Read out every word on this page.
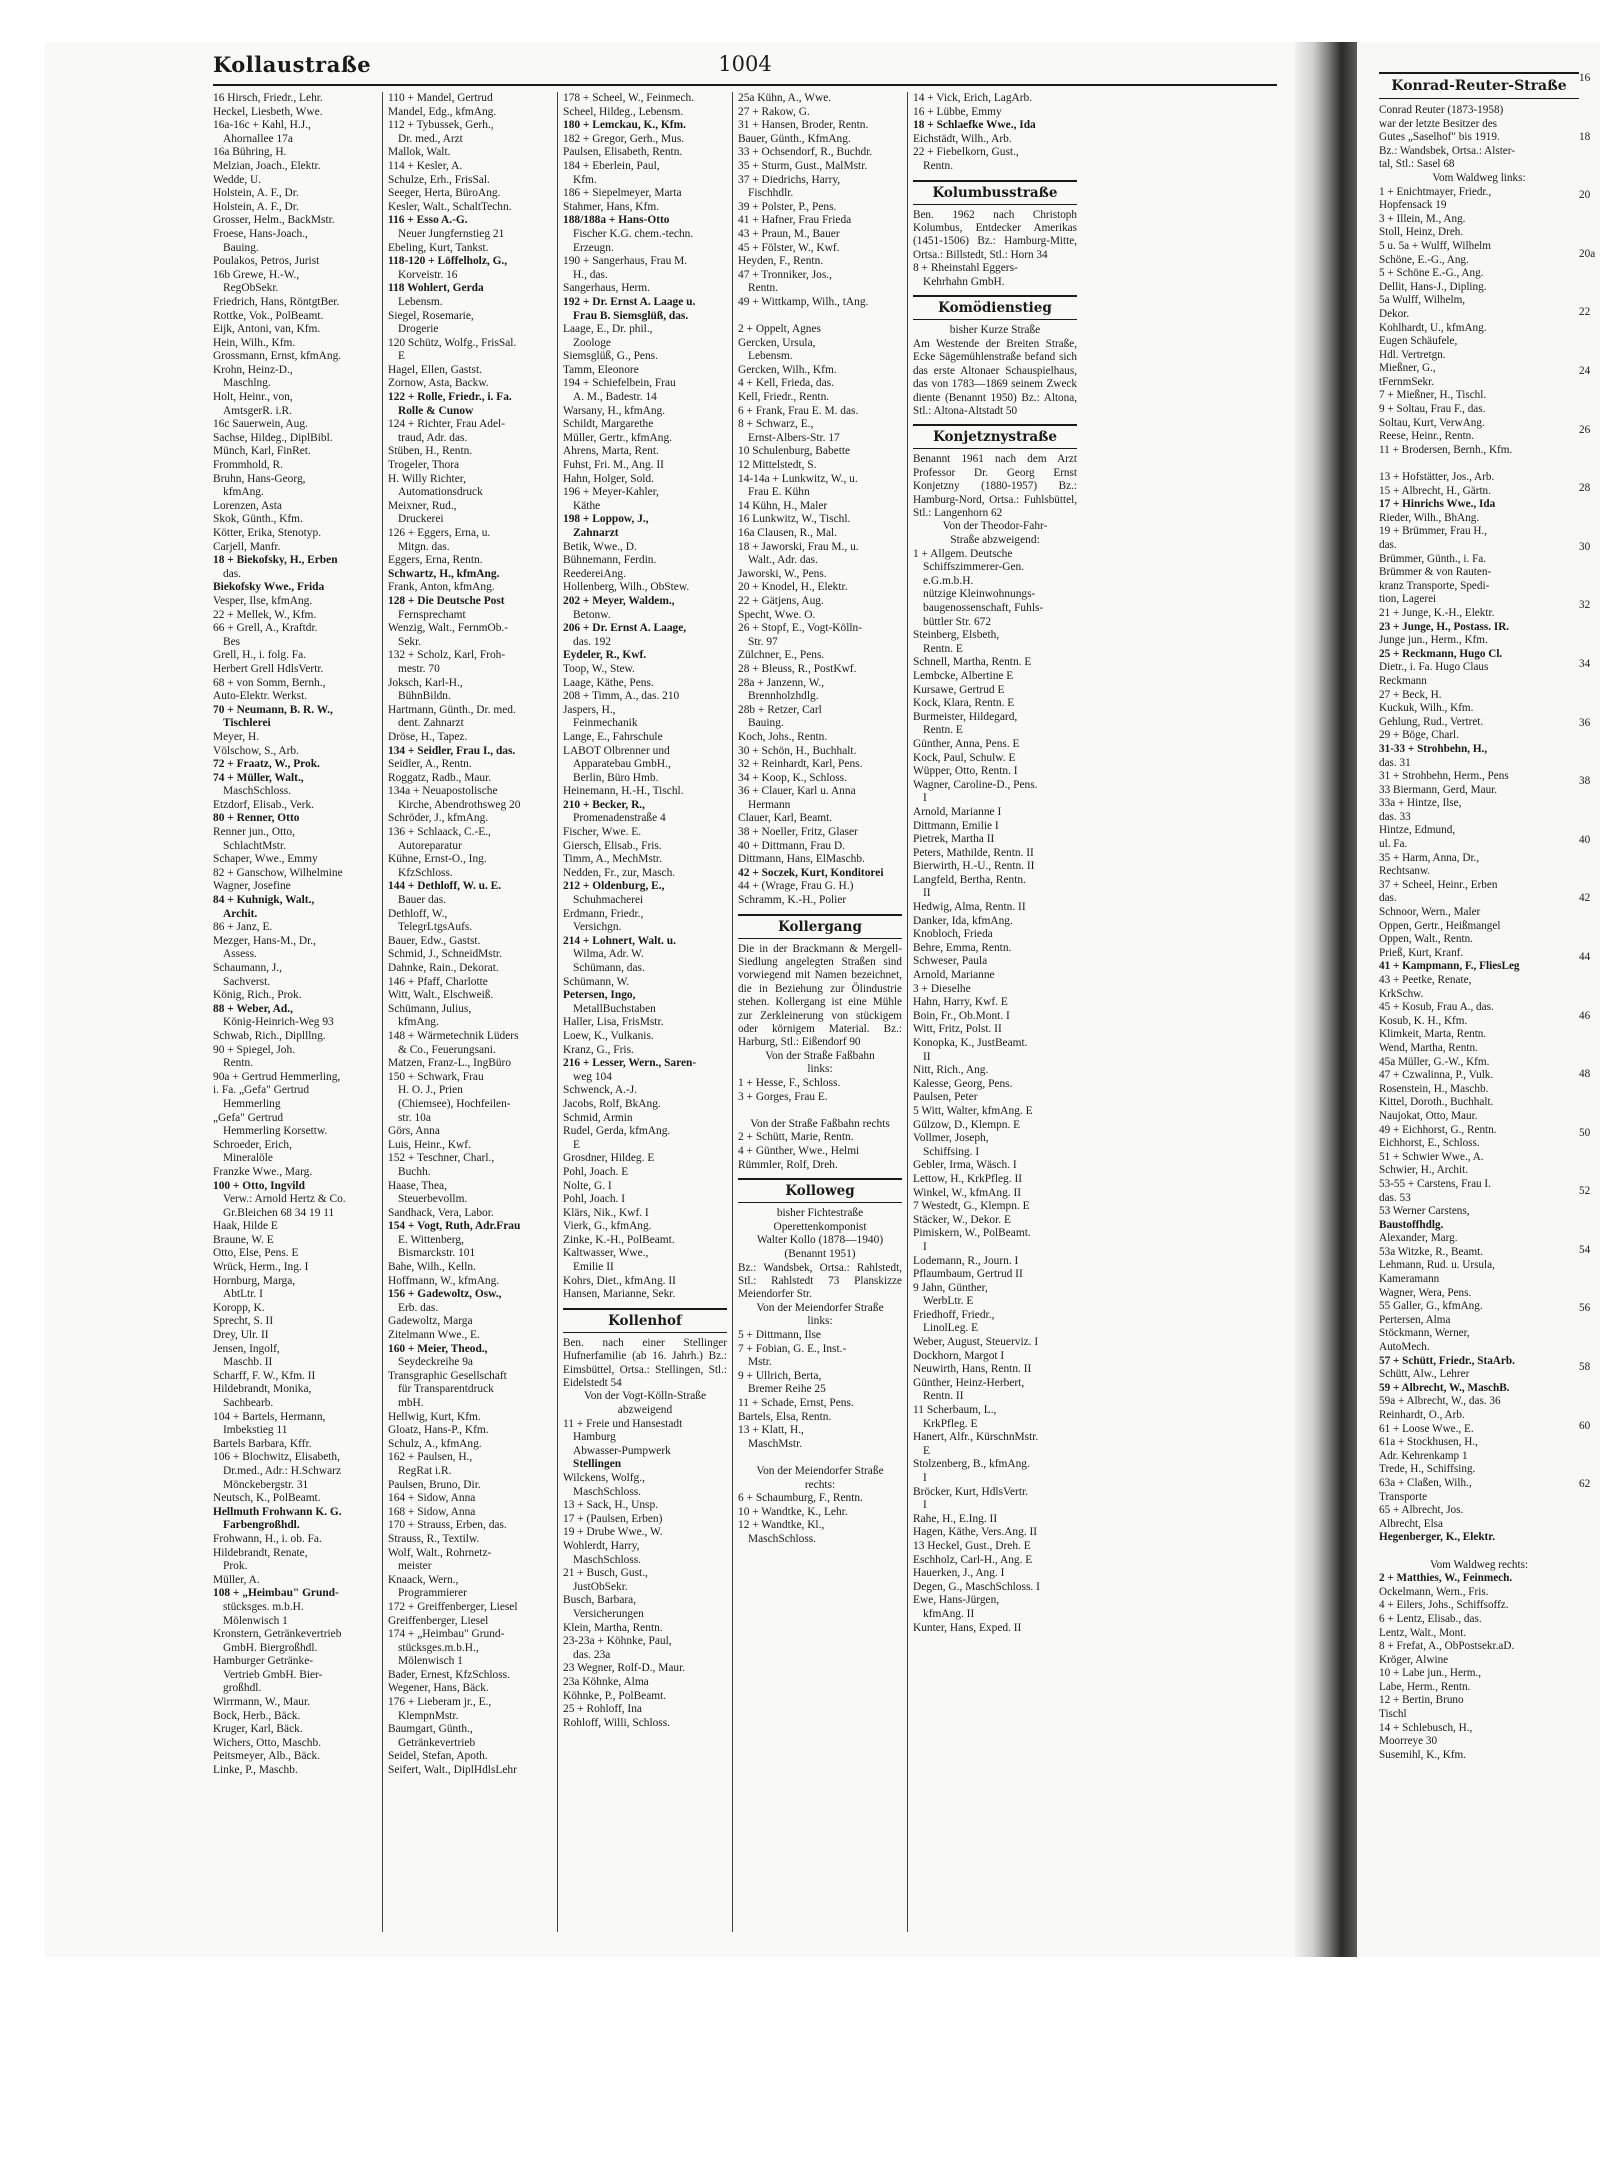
Kollaustraße	1004
16 Hirsch, Friedr., Lehr.
Heckel, Liesbeth, Wwe.
16a-16c + Kahl, H.J.,
Ahornallee 17a
16a Bühring, H.
Melzian, Joach., Elektr.
Wedde, U.
Holstein, A. F., Dr.
Holstein, A. F., Dr.
Grosser, Helm., BackMstr.
Froese, Hans-Joach.,
Bauing.
Poulakos, Petros, Jurist
16b Grewe, H.-W.,
RegObSekr.
Friedrich, Hans, RöntgtBer.
Rottke, Vok., PolBeamt.
Eijk, Antoni, van, Kfm.
Hein, Wilh., Kfm.
Grossmann, Ernst, kfmAng.
Krohn, Heinz-D.,
Maschlng.
Holt, Heinr., von,
AmtsgerR. i.R.
16c Sauerwein, Aug.
Sachse, Hildeg., DiplBibl.
Münch, Karl, FinRet.
Frommhold, R.
Bruhn, Hans-Georg,
kfmAng.
Lorenzen, Asta
Skok, Günth., Kfm.
Kötter, Erika, Stenotyp.
Carjell, Manfr.
18 + Biekofsky, H., Erben
das.
Biekofsky Wwe., Frida
Vesper, Ilse, kfmAng.
22 + Mellek, W., Kfm.
66 + Grell, A., Kraftdr.
Bes
Grell, H., i. folg. Fa.
Herbert Grell HdlsVertr.
68 + von Somm, Bernh.,
Auto-Elektr. Werkst.
70 + Neumann, B. R. W.,
Tischlerei
Meyer, H.
Völschow, S., Arb.
72 + Fraatz, W., Prok.
74 + Müller, Walt.,
MaschSchloss.
Etzdorf, Elisab., Verk.
80 + Renner, Otto
Renner jun., Otto,
SchlachtMstr.
Schaper, Wwe., Emmy
82 + Ganschow, Wilhelmine
Wagner, Josefine
84 + Kuhnigk, Walt.,
Archit.
86 + Janz, E.
Mezger, Hans-M., Dr.,
Assess.
Schaumann, J.,
Sachverst.
König, Rich., Prok.
88 + Weber, Ad.,
König-Heinrich-Weg 93
Schwab, Rich., Diplllng.
90 + Spiegel, Joh.
Rentn.
90a + Gertrud Hemmerling,
i. Fa. „Gefa" Gertrud
Hemmerling
„Gefa" Gertrud
Hemmerling Korsettw.
Schroeder, Erich,
Mineralöle
Franzke Wwe., Marg.
100 + Otto, Ingvild
Verw.: Arnold Hertz & Co.
Gr.Bleichen 68 34 19 11
Haak, Hilde E
Braune, W. E
Otto, Else, Pens. E
Wrück, Herm., Ing. I
Hornburg, Marga,
AbtLtr. I
Koropp, K.
Sprecht, S. II
Drey, Ulr. II
Jensen, Ingolf,
Maschb. II
Scharff, F. W., Kfm. II
Hildebrandt, Monika,
Sachbearb.
104 + Bartels, Hermann,
Imbekstieg 11
Bartels Barbara, Kffr.
106 + Blochwitz, Elisabeth,
Dr.med., Adr.: H.Schwarz
Mönckebergstr. 31
Neutsch, K., PolBeamt.
Hellmuth Frohwann K. G.
Farbengroßhdl.
Frohwann, H., i. ob. Fa.
Hildebrandt, Renate,
Prok.
Müller, A.
108 + „Heimbau" Grund-
stücksges. m.b.H.
Mölenwisch 1
Kronstern, Getränkevertrieb
GmbH. Biergroßhdl.
Hamburger Getränke-
Vertrieb GmbH. Bier-
großhdl.
Wirrmann, W., Maur.
Bock, Herb., Bäck.
Kruger, Karl, Bäck.
Wichers, Otto, Maschb.
Peitsmeyer, Alb., Bäck.
Linke, P., Maschb.
110 + Mandel, Gertrud
Mandel, Edg., kfmAng.
112 + Tybussek, Gerh.,
Dr. med., Arzt
Mallok, Walt.
114 + Kesler, A.
Schulze, Erh., FrisSal.
Seeger, Herta, BüroAng.
Kesler, Walt., SchaltTechn.
116 + Esso A.-G.
Neuer Jungfernstieg 21
Ebeling, Kurt, Tankst.
118-120 + Löffelholz, G.,
Korveistr. 16
118 Wohlert, Gerda
Lebensm.
Siegel, Rosemarie,
Drogerie
120 Schütz, Wolfg., FrisSal.
E
Hagel, Ellen, Gastst.
Zornow, Asta, Backw.
122 + Rolle, Friedr., i. Fa.
Rolle & Cunow
124 + Richter, Frau Adel-
traud, Adr. das.
Stüben, H., Rentn.
Trogeler, Thora
H. Willy Richter,
Automationsdruck
Meixner, Rud.,
Druckerei
126 + Eggers, Erna, u.
Mitgn. das.
Eggers, Erna, Rentn.
Schwartz, H., kfmAng.
Frank, Anton, kfmAng.
128 + Die Deutsche Post
Fernsprechamt
Wenzig, Walt., FernmOb.-
Sekr.
132 + Scholz, Karl, Froh-
mestr. 70
Joksch, Karl-H.,
BühnBildn.
Hartmann, Günth., Dr. med.
dent. Zahnarzt
Dröse, H., Tapez.
134 + Seidler, Frau I., das.
Seidler, A., Rentn.
Roggatz, Radb., Maur.
134a + Neuapostolische
Kirche, Abendrothsweg 20
Schröder, J., kfmAng.
136 + Schlaack, C.-E.,
Autoreparatur
Kühne, Ernst-O., Ing.
KfzSchloss.
144 + Dethloff, W. u. E.
Bauer das.
Dethloff, W.,
TelegrLtgsAufs.
Bauer, Edw., Gastst.
Schmid, J., SchneidMstr.
Dahnke, Rain., Dekorat.
146 + Pfaff, Charlotte
Witt, Walt., Elschweiß.
Schümann, Julius,
kfmAng.
148 + Wärmetechnik Lüders
& Co., Feuerungsani.
Matzen, Franz-L., IngBüro
150 + Schwark, Frau
H. O. J., Prien
(Chiemsee), Hochfeilen-
str. 10a
Görs, Anna
Luis, Heinr., Kwf.
152 + Teschner, Charl.,
Buchh.
Haase, Thea,
Steuerbevollm.
Sandhack, Vera, Labor.
154 + Vogt, Ruth, Adr.Frau
E. Wittenberg,
Bismarckstr. 101
Bahe, Wilh., Kelln.
Hoffmann, W., kfmAng.
156 + Gadewoltz, Osw.,
Erb. das.
Gadewoltz, Marga
Zitelmann Wwe., E.
160 + Meier, Theod.,
Seydeckreihe 9a
Transgraphic Gesellschaft
für Transparentdruck
mbH.
Hellwig, Kurt, Kfm.
Gloatz, Hans-P., Kfm.
Schulz, A., kfmAng.
162 + Paulsen, H.,
RegRat i.R.
Paulsen, Bruno, Dir.
164 + Sidow, Anna
168 + Sidow, Anna
170 + Strauss, Erben, das.
Strauss, R., Textilw.
Wolf, Walt., Rohrnetz-
meister
Knaack, Wern.,
Programmierer
172 + Greiffenberger, Liesel
Greiffenberger, Liesel
174 + „Heimbau" Grund-
stücksges.m.b.H.,
Mölenwisch 1
Bader, Ernest, KfzSchloss.
Wegener, Hans, Bäck.
176 + Lieberam jr., E.,
KlempnMstr.
Baumgart, Günth.,
Getränkevertrieb
Seidel, Stefan, Apoth.
Seifert, Walt., DiplHdlsLehr
178 + Scheel, W., Feinmech.
Scheel, Hildeg., Lebensm.
180 + Lemckau, K., Kfm.
182 + Gregor, Gerh., Mus.
Paulsen, Elisabeth, Rentn.
184 + Eberlein, Paul,
Kfm.
186 + Siepelmeyer, Marta
Stahmer, Hans, Kfm.
188/188a + Hans-Otto
Fischer K.G. chem.-techn.
Erzeugn.
190 + Sangerhaus, Frau M.
H., das.
Sangerhaus, Herm.
192 + Dr. Ernst A. Laage u.
Frau B. Siemsglüß, das.
Laage, E., Dr. phil.,
Zoologe
Siemsglüß, G., Pens.
Tamm, Eleonore
194 + Schiefelbein, Frau
A. M., Badestr. 14
Warsany, H., kfmAng.
Schildt, Margarethe
Müller, Gertr., kfmAng.
Ahrens, Marta, Rent.
Fuhst, Fri. M., Ang. II
Hahn, Holger, Sold.
196 + Meyer-Kahler,
Käthe
198 + Loppow, J.,
Zahnarzt
Betik, Wwe., D.
Bühnemann, Ferdin.
ReedereiAng.
Hollenberg, Wilh., ObStew.
202 + Meyer, Waldem.,
Betonw.
206 + Dr. Ernst A. Laage,
das. 192
Eydeler, R., Kwf.
Toop, W., Stew.
Laage, Käthe, Pens.
208 + Timm, A., das. 210
Jaspers, H.,
Feinmechanik
Lange, E., Fahrschule
LABOT Olbrenner und
Apparatebau GmbH.,
Berlin, Büro Hmb.
Heinemann, H.-H., Tischl.
210 + Becker, R.,
Promenadenstraße 4
Fischer, Wwe. E.
Giersch, Elisab., Fris.
Timm, A., MechMstr.
Nedden, Fr., zur, Masch.
212 + Oldenburg, E.,
Schuhmacherei
Erdmann, Friedr.,
Versichgn.
214 + Lohnert, Walt. u.
Wilma, Adr. W.
Schümann, das.
Schümann, W.
Petersen, Ingo,
MetallBuchstaben
Haller, Lisa, FrisMstr.
Loew, K., Vulkanis.
Kranz, G., Fris.
216 + Lesser, Wern., Saren-
weg 104
Schwenck, A.-J.
Jacobs, Rolf, BkAng.
Schmid, Armin
Rudel, Gerda, kfmAng.
E
Grosdner, Hildeg. E
Pohl, Joach. E
Nolte, G. I
Pohl, Joach. I
Klärs, Nik., Kwf. I
Vierk, G., kfmAng.
Zinke, K.-H., PolBeamt.
Kaltwasser, Wwe.,
Emilie II
Kohrs, Diet., kfmAng. II
Hansen, Marianne, Sekr.
Kollenhof
Ben. nach einer Stellinger Hufnerfamilie (ab 16. Jahrh.) Bz.: Eimsbüttel, Ortsa.: Stellingen, Stl.: Eidelstedt 54
Von der Vogt-Kölln-Straße
abzweigend
11 + Freie und Hansestadt
Hamburg
Abwasser-Pumpwerk
Stellingen
Wilckens, Wolfg.,
MaschSchloss.
13 + Sack, H., Unsp.
17 + (Paulsen, Erben)
19 + Drube Wwe., W.
Wohlerdt, Harry,
MaschSchloss.
21 + Busch, Gust.,
JustObSekr.
Busch, Barbara,
Versicherungen
Klein, Martha, Rentn.
23-23a + Köhnke, Paul,
das. 23a
23 Wegner, Rolf-D., Maur.
23a Köhnke, Alma
Köhnke, P., PolBeamt.
25 + Rohloff, Ina
Rohloff, Willi, Schloss.
25a Kühn, A., Wwe.
27 + Rakow, G.
31 + Hansen, Broder, Rentn.
Bauer, Günth., KfmAng.
33 + Ochsendorf, R., Buchdr.
35 + Sturm, Gust., MalMstr.
37 + Diedrichs, Harry,
Fischhdlr.
39 + Polster, P., Pens.
41 + Hafner, Frau Frieda
43 + Praun, M., Bauer
45 + Fölster, W., Kwf.
Heyden, F., Rentn.
47 + Tronniker, Jos.,
Rentn.
49 + Wittkamp, Wilh., tAng.

2 + Oppelt, Agnes
Gercken, Ursula,
Lebensm.
Gercken, Wilh., Kfm.
4 + Kell, Frieda, das.
Kell, Friedr., Rentn.
6 + Frank, Frau E. M. das.
8 + Schwarz, E.,
Ernst-Albers-Str. 17
10 Schulenburg, Babette
12 Mittelstedt, S.
14-14a + Lunkwitz, W., u.
Frau E. Kühn
14 Kühn, H., Maler
16 Lunkwitz, W., Tischl.
16a Clausen, R., Mal.
18 + Jaworski, Frau M., u.
Walt., Adr. das.
Jaworski, W., Pens.
20 + Knodel, H., Elektr.
22 + Gätjens, Aug.
Specht, Wwe. O.
26 + Stopf, E., Vogt-Kölln-
Str. 97
Zülchner, E., Pens.
28 + Bleuss, R., PostKwf.
28a + Janzenn, W.,
Brennholzhdlg.
28b + Retzer, Carl
Bauing.
Koch, Johs., Rentn.
30 + Schön, H., Buchhalt.
32 + Reinhardt, Karl, Pens.
34 + Koop, K., Schloss.
36 + Clauer, Karl u. Anna
Hermann
Clauer, Karl, Beamt.
38 + Noeller, Fritz, Glaser
40 + Dittmann, Frau D.
Dittmann, Hans, ElMaschb.
42 + Soczek, Kurt, Konditorei
44 + (Wrage, Frau G. H.)
Schramm, K.-H., Polier
Kollergang
Die in der Brackmann & Mergell-Siedlung angelegten Straßen sind vorwiegend mit Namen bezeichnet, die in Beziehung zur Ölindustrie stehen. Kollergang ist eine Mühle zur Zerkleinerung von stückigem oder körnigem Material. Bz.: Harburg, Stl.: Eißendorf 90
Von der Straße Faßbahn
links:
1 + Hesse, F., Schloss.
3 + Gorges, Frau E.

Von der Straße Faßbahn rechts
2 + Schütt, Marie, Rentn.
4 + Günther, Wwe., Helmi
Rümmler, Rolf, Dreh.
Kolloweg
bisher Fichtestraße
Operettenkomponist
Walter Kollo (1878—1940)
(Benannt 1951)
Bz.: Wandsbek, Ortsa.: Rahlstedt, Stl.: Rahlstedt 73 Planskizze Meiendorfer Str.
Von der Meiendorfer Straße
links:
5 + Dittmann, Ilse
7 + Fobian, G. E., Inst.-
Mstr.
9 + Ullrich, Berta,
Bremer Reihe 25
11 + Schade, Ernst, Pens.
Bartels, Elsa, Rentn.
13 + Klatt, H.,
MaschMstr.

Von der Meiendorfer Straße
rechts:
6 + Schaumburg, F., Rentn.
10 + Wandtke, K., Lehr.
12 + Wandtke, Kl.,
MaschSchloss.
14 + Vick, Erich, LagArb.
16 + Lübbe, Emmy
18 + Schlaefke Wwe., Ida
Eichstädt, Wilh., Arb.
22 + Fiebelkorn, Gust.,
Rentn.
Kolumbusstraße
Ben. 1962 nach Christoph Kolumbus, Entdecker Amerikas (1451-1506) Bz.: Hamburg-Mitte, Ortsa.: Billstedt, Stl.: Horn 34
8 + Rheinstahl Eggers-
Kehrhahn GmbH.
Komödienstieg
bisher Kurze Straße
Am Westende der Breiten Straße, Ecke Sägemühlenstraße befand sich das erste Altonaer Schauspielhaus, das von 1783—1869 seinem Zweck diente (Benannt 1950) Bz.: Altona, Stl.: Altona-Altstadt 50
Konjetznystraße
Benannt 1961 nach dem Arzt Professor Dr. Georg Ernst Konjetzny (1880-1957) Bz.: Hamburg-Nord, Ortsa.: Fuhlsbüttel, Stl.: Langenhorn 62
Von der Theodor-Fahr-
Straße abzweigend:
1 + Allgem. Deutsche
Schiffszimmerer-Gen.
e.G.m.b.H.
nützige Kleinwohnungs-
baugenossenschaft, Fuhls-
büttler Str. 672
Steinberg, Elsbeth,
Rentn. E
Schnell, Martha, Rentn. E
Lembcke, Albertine E
Kursawe, Gertrud E
Kock, Klara, Rentn. E
Burmeister, Hildegard,
Rentn. E
Günther, Anna, Pens. E
Kock, Paul, Schulw. E
Wüpper, Otto, Rentn. I
Wagner, Caroline-D., Pens.
I
Arnold, Marianne I
Dittmann, Emilie I
Pietrek, Martha II
Peters, Mathilde, Rentn. II
Bierwirth, H.-U., Rentn. II
Langfeld, Bertha, Rentn.
II
Hedwig, Alma, Rentn. II
Danker, Ida, kfmAng.
Knobloch, Frieda
Behre, Emma, Rentn.
Schweser, Paula
Arnold, Marianne
3 + Dieselhe
Hahn, Harry, Kwf. E
Boin, Fr., Ob.Mont. I
Witt, Fritz, Polst. II
Konopka, K., JustBeamt.
II
Nitt, Rich., Ang.
Kalesse, Georg, Pens.
Paulsen, Peter
5 Witt, Walter, kfmAng. E
Gülzow, D., Klempn. E
Vollmer, Joseph,
Schiffsing. I
Gebler, Irma, Wäsch. I
Lettow, H., KrkPfleg. II
Winkel, W., kfmAng. II
7 Westedt, G., Klempn. E
Stäcker, W., Dekor. E
Pimiskern, W., PolBeamt.
I
Lodemann, R., Journ. I
Pflaumbaum, Gertrud II
9 Jahn, Günther,
WerbLtr. E
Friedhoff, Friedr.,
LinolLeg. E
Weber, August, Steuerviz. I
Dockhorn, Margot I
Neuwirth, Hans, Rentn. II
Günther, Heinz-Herbert,
Rentn. II
11 Scherbaum, L.,
KrkPfleg. E
Hanert, Alfr., KürschnMstr.
E
Stolzenberg, B., kfmAng.
I
Bröcker, Kurt, HdlsVertr.
I
Rahe, H., E.Ing. II
Hagen, Käthe, Vers.Ang. II
13 Heckel, Gust., Dreh. E
Eschholz, Carl-H., Ang. E
Hauerken, J., Ang. I
Degen, G., MaschSchloss. I
Ewe, Hans-Jürgen,
kfmAng. II
Kunter, Hans, Exped. II
Konrad-Reuter-Straße
Conrad Reuter (1873-1958)
war der letzte Besitzer des
Gutes „Saselhof" bis 1919.
Bz.: Wandsbek, Ortsa.: Alster-
tal, Stl.: Sasel 68
Vom Waldweg links:
1 + Enichtmayer, Friedr.,
Hopfensack 19
3 + Illein, M., Ang.
Stoll, Heinz, Dreh.
5 u. 5a + Wulff, Wilhelm
Schöne, E.-G., Ang.
5 + Schöne E.-G., Ang.
Dellit, Hans-J., Dipling.
5a Wulff, Wilhelm,
Dekor.
Kohlhardt, U., kfmAng.
Eugen Schäufele,
Hdl. Vertretgn.
Mießner, G.,
tFernmSekr.
7 + Mießner, H., Tischl.
9 + Soltau, Frau F., das.
Soltau, Kurt, VerwAng.
Reese, Heinr., Rentn.
11 + Brodersen, Bernh., Kfm.

13 + Hofstätter, Jos., Arb.
15 + Albrecht, H., Gärtn.
17 + Hinrichs Wwe., Ida
Rieder, Wilh., BhAng.
19 + Brümmer, Frau H.,
das.
Brümmer, Günth., i. Fa.
Brümmer & von Rauten-
kranz Transporte, Spedi-
tion, Lagerei
21 + Junge, K.-H., Elektr.
23 + Junge, H., Postass. IR.
Junge jun., Herm., Kfm.
25 + Reckmann, Hugo Cl.
Dietr., i. Fa. Hugo Claus
Reckmann
27 + Beck, H.
Kuckuk, Wilh., Kfm.
Gehlung, Rud., Vertret.
29 + Böge, Charl.
31-33 + Strohbehn, H.,
das. 31
31 + Strohbehn, Herm., Pens
33 Biermann, Gerd, Maur.
33a + Hintze, Ilse,
das. 33
Hintze, Edmund,
ul. Fa.
35 + Harm, Anna, Dr.,
Rechtsanw.
37 + Scheel, Heinr., Erben
das.
Schnoor, Wern., Maler
Oppen, Gertr., Heißmangel
Oppen, Walt., Rentn.
Prieß, Kurt, Kranf.
41 + Kampmann, F., FliesLeg
43 + Peetke, Renate,
KrkSchw.
45 + Kosub, Frau A., das.
Kosub, K. H., Kfm.
Klimkeit, Marta, Rentn.
Wend, Martha, Rentn.
45a Müller, G.-W., Kfm.
47 + Czwalinna, P., Vulk.
Rosenstein, H., Maschb.
Kittel, Doroth., Buchhalt.
Naujokat, Otto, Maur.
49 + Eichhorst, G., Rentn.
Eichhorst, E., Schloss.
51 + Schwier Wwe., A.
Schwier, H., Archit.
53-55 + Carstens, Frau I.
das. 53
53 Werner Carstens,
Baustoffhdlg.
Alexander, Marg.
53a Witzke, R., Beamt.
Lehmann, Rud. u. Ursula,
Kameramann
Wagner, Wera, Pens.
55 Galler, G., kfmAng.
Pertersen, Alma
Stöckmann, Werner,
AutoMech.
57 + Schütt, Friedr., StaArb.
Schütt, Alw., Lehrer
59 + Albrecht, W., MaschB.
59a + Albrecht, W., das. 36
Reinhardt, O., Arb.
61 + Loose Wwe., E.
61a + Stockhusen, H.,
Adr. Kehrenkamp 1
Trede, H., Schiffsing.
63a + Claßen, Wilh.,
Transporte
65 + Albrecht, Jos.
Albrecht, Elsa
Hegenberger, K., Elektr.

Vom Waldweg rechts:
2 + Matthies, W., Feinmech.
Ockelmann, Wern., Fris.
4 + Eilers, Johs., Schiffsoffz.
6 + Lentz, Elisab., das.
Lentz, Walt., Mont.
8 + Frefat, A., ObPostsekr.aD.
Kröger, Alwine
10 + Labe jun., Herm.,
Labe, Herm., Rentn.
12 + Bertin, Bruno
Tischl
14 + Schlebusch, H.,
Moorreye 30
Susemihl, K., Kfm.
16
18
20
20a
22
24
26
28
30
32
34
36
38
40
42
44
46
48
50
52
54
56
58
60
62
